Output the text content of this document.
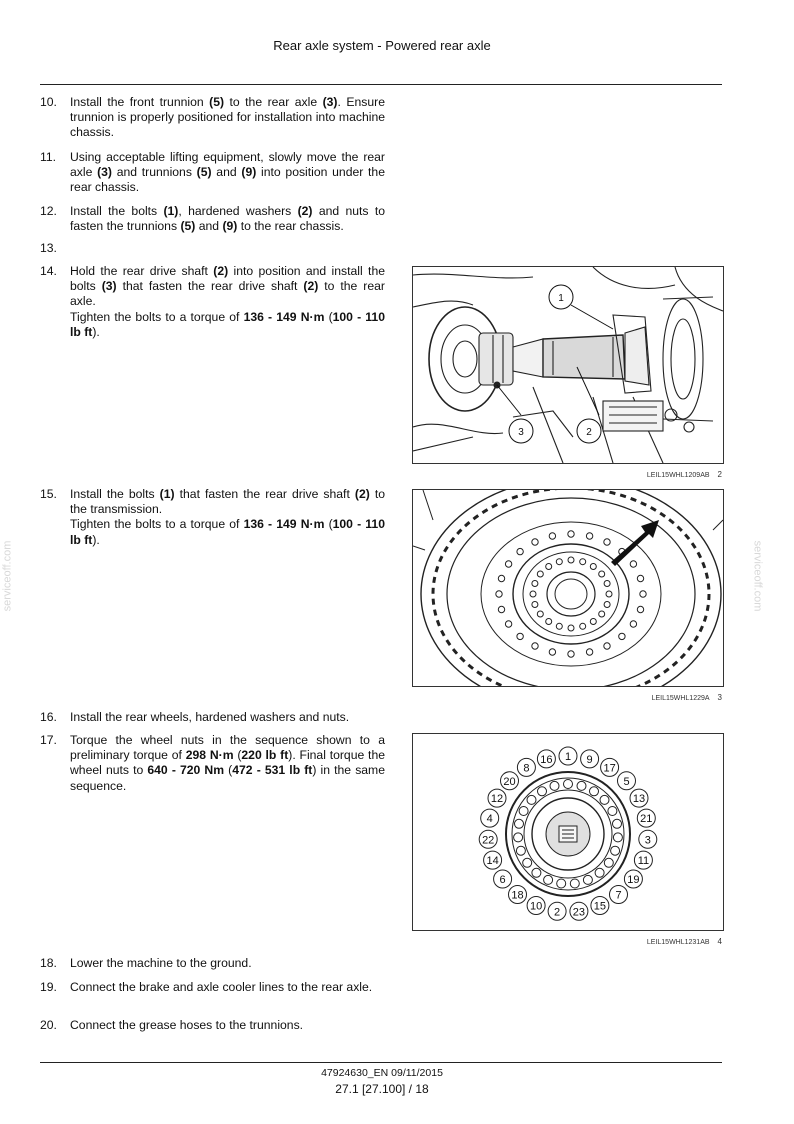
Rear axle system - Powered rear axle
10.	Install the front trunnion (5) to the rear axle (3). Ensure trunnion is properly positioned for installation into machine chassis.
11.	Using acceptable lifting equipment, slowly move the rear axle (3) and trunnions (5) and (9) into position under the rear chassis.
12.	Install the bolts (1), hardened washers (2) and nuts to fasten the trunnions (5) and (9) to the rear chassis.
13.
14.	Hold the rear drive shaft (2) into position and install the bolts (3) that fasten the rear drive shaft (2) to the rear axle.
Tighten the bolts to a torque of 136 - 149 N·m (100 - 110 lb ft).
15.	Install the bolts (1) that fasten the rear drive shaft (2) to the transmission.
Tighten the bolts to a torque of 136 - 149 N·m (100 - 110 lb ft).
16.	Install the rear wheels, hardened washers and nuts.
17.	Torque the wheel nuts in the sequence shown to a preliminary torque of 298 N·m (220 lb ft). Final torque the wheel nuts to 640 - 720 Nm (472 - 531 lb ft) in the same sequence.
18.	Lower the machine to the ground.
19.	Connect the brake and axle cooler lines to the rear axle.
20.	Connect the grease hoses to the trunnions.
1
2
3
LEIL15WHL1209AB 2
LEIL15WHL1229A 3
1 9
17
5
13
21
3
11
19
7
15
23
2
10
18
6
14
22
4
12
20
8
16
LEIL15WHL1231AB 4
serviceoff.com	serviceoff.com
47924630_EN 09/11/2015
27.1 [27.100] / 18
